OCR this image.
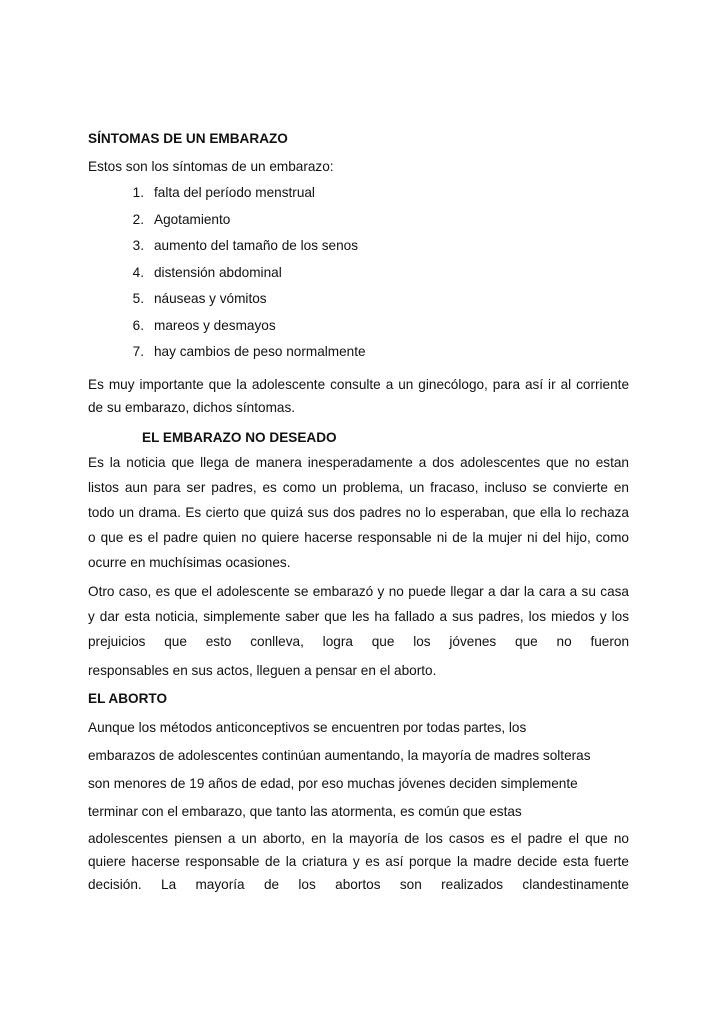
SÍNTOMAS DE UN EMBARAZO

Estos son los síntomas de un embarazo:

1. falta del período menstrual
2. Agotamiento
3. aumento del tamaño de los senos
4. distensión abdominal
5. náuseas y vómitos
6. mareos y desmayos
7. hay cambios de peso normalmente

Es muy importante que la adolescente consulte a un ginecólogo, para así ir al corriente de su embarazo, dichos síntomas.

EL EMBARAZO NO DESEADO

Es la noticia que llega de manera inesperadamente a dos adolescentes que no estan listos aun para ser padres, es como un problema, un fracaso, incluso se convierte en todo un drama. Es cierto que quizá sus dos padres no lo esperaban, que ella lo rechaza o que es el padre quien no quiere hacerse responsable ni de la mujer ni del hijo, como ocurre en muchísimas ocasiones.

Otro caso, es que el adolescente se embarazó y no puede llegar a dar la cara a su casa y dar esta noticia, simplemente saber que les ha fallado a sus padres, los miedos y los prejuicios que esto conlleva, logra que los jóvenes que no fueron

responsables en sus actos, lleguen a pensar en el aborto.

EL ABORTO

Aunque los métodos anticonceptivos se encuentren por todas partes, los

embarazos de adolescentes continúan aumentando, la mayoría de madres solteras

son menores de 19 años de edad, por eso muchas jóvenes deciden simplemente

terminar con el embarazo, que tanto las atormenta, es común que estas

adolescentes piensen a un aborto, en la mayoría de los casos es el padre el que no quiere hacerse responsable de la criatura y es así porque la madre decide esta fuerte decisión. La mayoría de los abortos son realizados clandestinamente
